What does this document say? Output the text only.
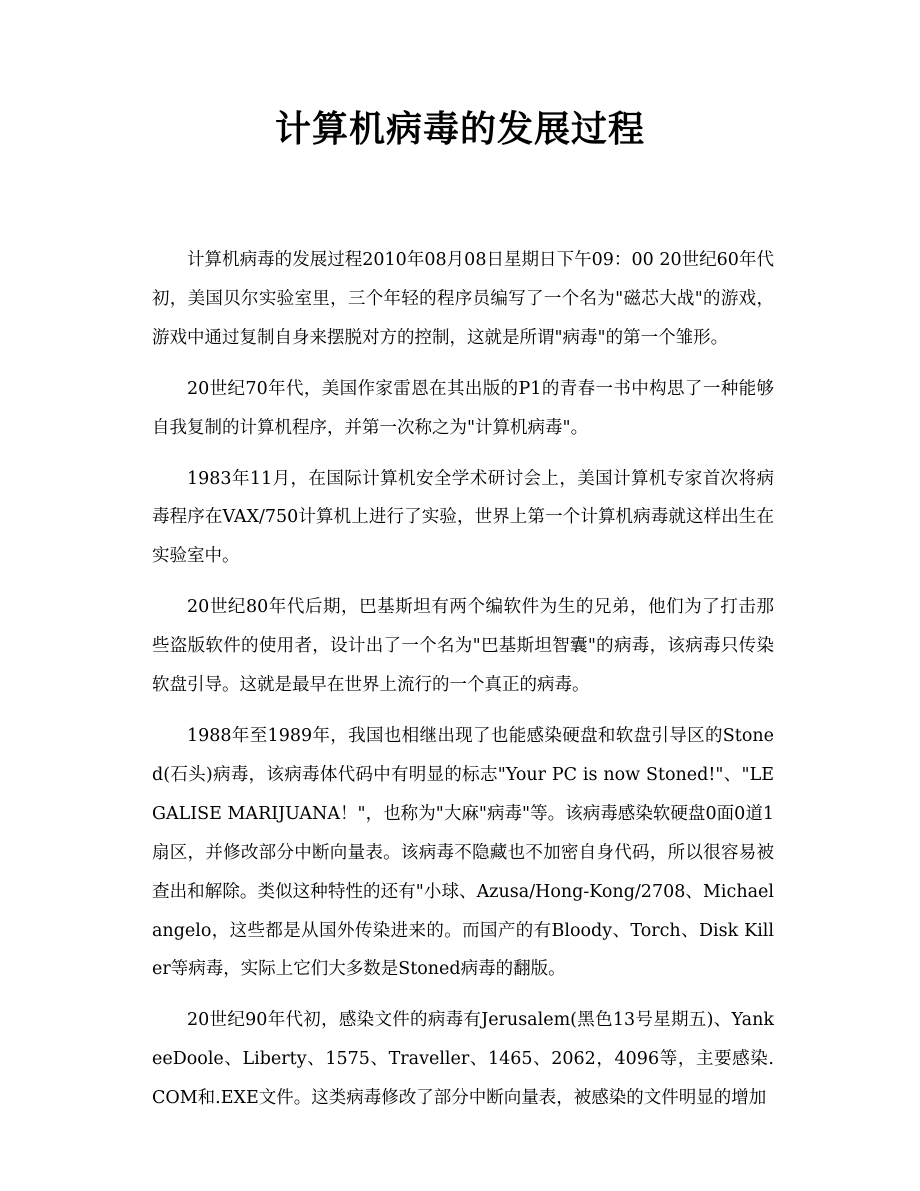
计算机病毒的发展过程

计算机病毒的发展过程2010年08月08日星期日下午09：00 20世纪60年代初，美国贝尔实验室里，三个年轻的程序员编写了一个名为"磁芯大战"的游戏，游戏中通过复制自身来摆脱对方的控制，这就是所谓"病毒"的第一个雏形。

20世纪70年代，美国作家雷恩在其出版的P1的青春一书中构思了一种能够自我复制的计算机程序，并第一次称之为"计算机病毒"。

1983年11月，在国际计算机安全学术研讨会上，美国计算机专家首次将病毒程序在VAX/750计算机上进行了实验，世界上第一个计算机病毒就这样出生在实验室中。

20世纪80年代后期，巴基斯坦有两个编软件为生的兄弟，他们为了打击那些盗版软件的使用者，设计出了一个名为"巴基斯坦智囊"的病毒，该病毒只传染软盘引导。这就是最早在世界上流行的一个真正的病毒。

1988年至1989年，我国也相继出现了也能感染硬盘和软盘引导区的Stoned(石头)病毒，该病毒体代码中有明显的标志"Your PC is now Stoned!"、"LEGALISE MARIJUANA！"，也称为"大麻"病毒"等。该病毒感染软硬盘0面0道1扇区，并修改部分中断向量表。该病毒不隐藏也不加密自身代码，所以很容易被查出和解除。类似这种特性的还有"小球、Azusa/Hong-Kong/2708、Michaelangelo，这些都是从国外传染进来的。而国产的有Bloody、Torch、Disk Killer等病毒，实际上它们大多数是Stoned病毒的翻版。

20世纪90年代初，感染文件的病毒有Jerusalem(黑色13号星期五)、YankeeDoole、Liberty、1575、Traveller、1465、2062，4096等，主要感染.COM和.EXE文件。这类病毒修改了部分中断向量表，被感染的文件明显的增加
